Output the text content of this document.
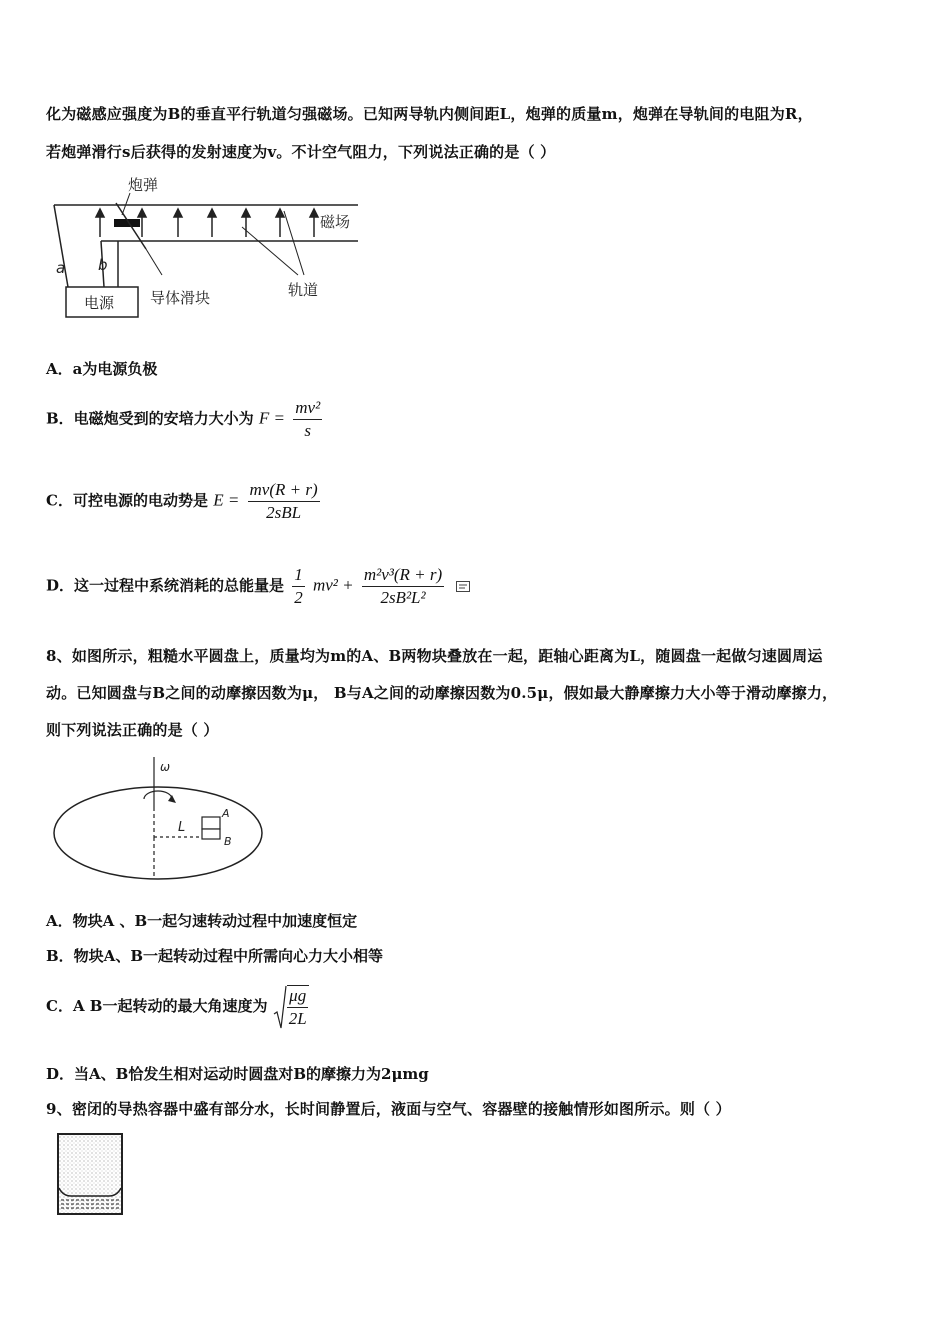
化为磁感应强度为B的垂直平行轨道匀强磁场。已知两导轨内侧间距L，炮弹的质量m，炮弹在导轨间的电阻为R，
若炮弹滑行s后获得的发射速度为v。不计空气阻力，下列说法正确的是（ ）
炮弹
磁场
a b
电源 导体滑块	轨道
A．a为电源负极
B．电磁炮受到的安培力大小为 $F = \frac{\text{mv²}}{s}$
C．可控电源的电动势是 $E = \frac{mv(R + r)}{\text{2sBL}}$
D．这一过程中系统消耗的总能量是 $\frac{1}{2} mv^2 + \frac{\text{m²v³(R + r)}}{\text{2sB²L²}}$

8、如图所示，粗糙水平圆盘上，质量均为m的A、B两物块叠放在一起，距轴心距离为L，随圆盘一起做匀速圆周运
动。已知圆盘与B之间的动摩擦因数为μ， B与A之间的动摩擦因数为0.5μ，假如最大静摩擦力大小等于滑动摩擦力，
则下列说法正确的是（ ）
ω
L
A
B
A．物块A 、B一起匀速转动过程中加速度恒定
B．物块A、B一起转动过程中所需向心力大小相等
C．A B一起转动的最大角速度为 $\frac{\mu g}{2L}$
D．当A、B恰发生相对运动时圆盘对B的摩擦力为2μmg
9、密闭的导热容器中盛有部分水，长时间静置后，液面与空气、容器壁的接触情形如图所示。则（ ）
